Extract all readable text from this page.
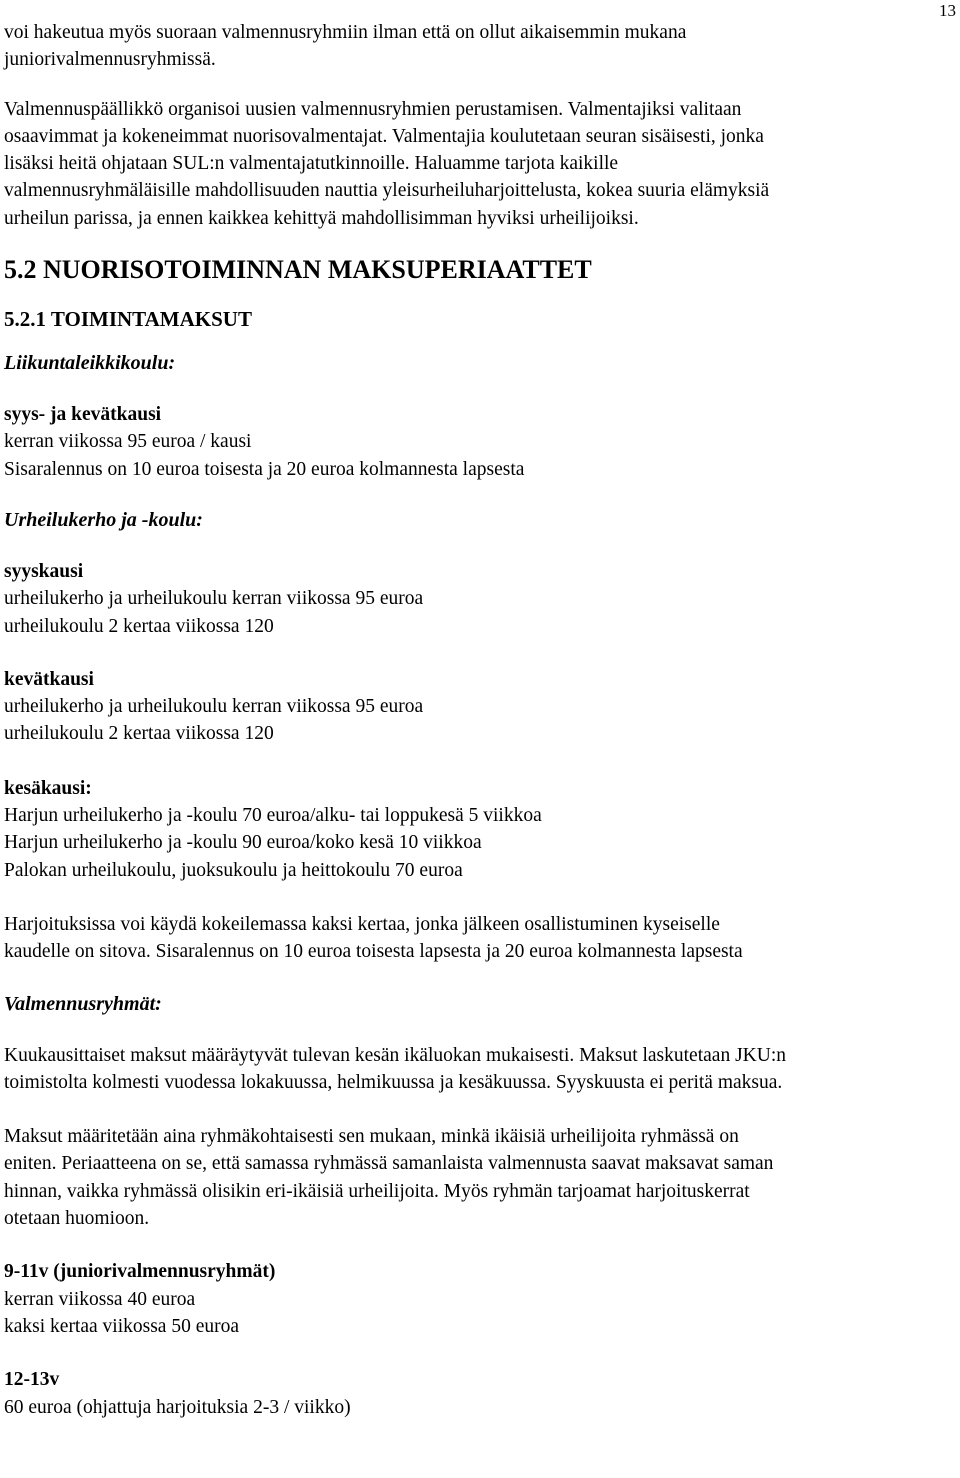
13

voi hakeutua myös suoraan valmennusryhmiin ilman että on ollut aikaisemmin mukana
juniorivalmennusryhmissä.

Valmennuspäällikkö organisoi uusien valmennusryhmien perustamisen. Valmentajiksi valitaan
osaavimmat ja kokeneimmat nuorisovalmentajat. Valmentajia koulutetaan seuran sisäisesti, jonka
lisäksi heitä ohjataan SUL:n valmentajatutkinnoille. Haluamme tarjota kaikille
valmennusryhmäläisille mahdollisuuden nauttia yleisurheiluharjoittelusta, kokea suuria elämyksiä
urheilun parissa, ja ennen kaikkea kehittyä mahdollisimman hyviksi urheilijoiksi.

5.2 NUORISOTOIMINNAN MAKSUPERIAATTET

5.2.1 TOIMINTAMAKSUT

Liikuntaleikkikoulu:

syys- ja kevätkausi
kerran viikossa 95 euroa / kausi
Sisaralennus on 10 euroa toisesta ja 20 euroa kolmannesta lapsesta

Urheilukerho ja -koulu:

syyskausi
urheilukerho ja urheilukoulu kerran viikossa 95 euroa
urheilukoulu 2 kertaa viikossa 120

kevätkausi
urheilukerho ja urheilukoulu kerran viikossa 95 euroa
urheilukoulu 2 kertaa viikossa 120

kesäkausi:
Harjun urheilukerho ja -koulu 70 euroa/alku- tai loppukesä 5 viikkoa
Harjun urheilukerho ja -koulu 90 euroa/koko kesä 10 viikkoa
Palokan urheilukoulu, juoksukoulu ja heittokoulu 70 euroa

Harjoituksissa voi käydä kokeilemassa kaksi kertaa, jonka jälkeen osallistuminen kyseiselle
kaudelle on sitova. Sisaralennus on 10 euroa toisesta lapsesta ja 20 euroa kolmannesta lapsesta

Valmennusryhmät:

Kuukausittaiset maksut määräytyvät tulevan kesän ikäluokan mukaisesti. Maksut laskutetaan JKU:n
toimistolta kolmesti vuodessa lokakuussa, helmikuussa ja kesäkuussa. Syyskuusta ei peritä maksua.

Maksut määritetään aina ryhmäkohtaisesti sen mukaan, minkä ikäisiä urheilijoita ryhmässä on
eniten. Periaatteena on se, että samassa ryhmässä samanlaista valmennusta saavat maksavat saman
hinnan, vaikka ryhmässä olisikin eri-ikäisiä urheilijoita. Myös ryhmän tarjoamat harjoituskerrat
otetaan huomioon.

9-11v (juniorivalmennusryhmät)
kerran viikossa 40 euroa
kaksi kertaa viikossa 50 euroa

12-13v
60 euroa (ohjattuja harjoituksia 2-3 / viikko)
